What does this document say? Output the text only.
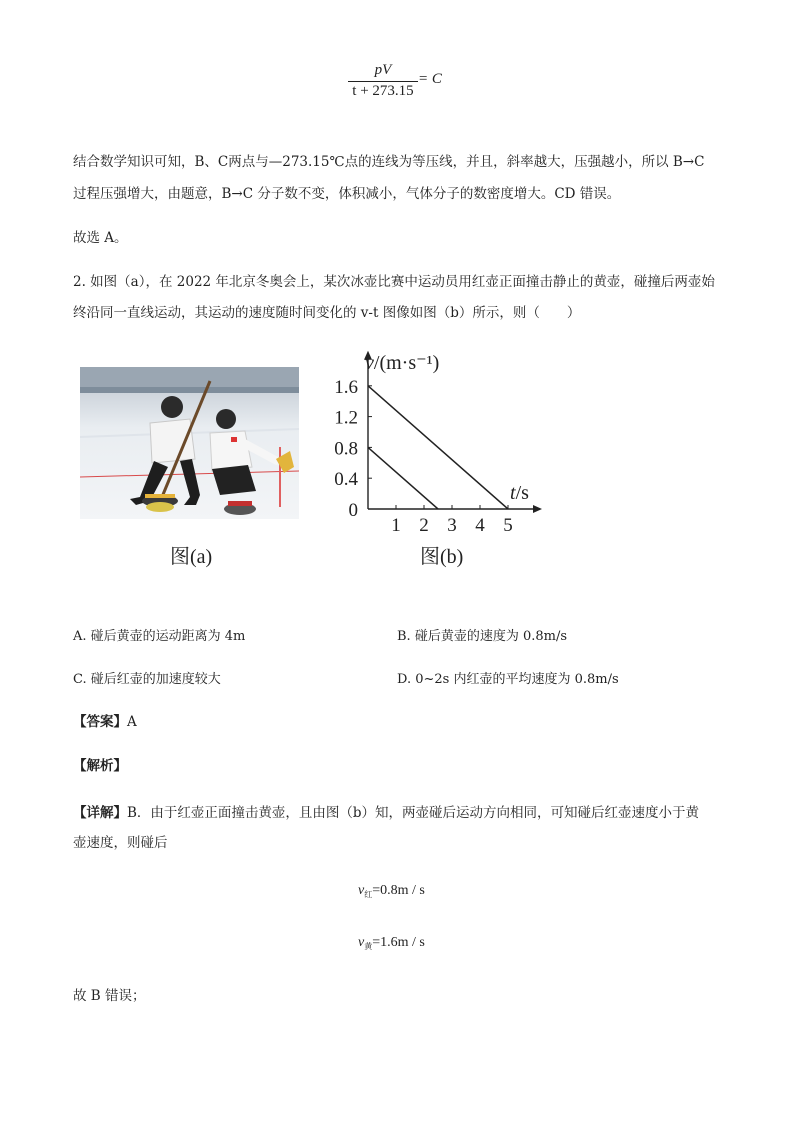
pV
t + 273.15
= C
结合数学知识可知，B、C两点与—273.15℃点的连线为等压线，并且，斜率越大，压强越小，所以 B→C
过程压强增大，由题意，B→C 分子数不变，体积减小，气体分子的数密度增大。CD 错误。
故选 A。
2. 如图（a），在 2022 年北京冬奥会上，某次冰壶比赛中运动员用红壶正面撞击静止的黄壶，碰撞后两壶始
终沿同一直线运动，其运动的速度随时间变化的 v-t 图像如图（b）所示，则（　　）
0
0.4
0.8
1.2
1.6
1 2 3 4 5
v/(m·s⁻¹)
t/s
图(a)	图(b)
A. 碰后黄壶的运动距离为 4m	B. 碰后黄壶的速度为 0.8m/s
C. 碰后红壶的加速度较大	D. 0~2s 内红壶的平均速度为 0.8m/s
【答案】A
【解析】
【详解】B．由于红壶正面撞击黄壶，且由图（b）知，两壶碰后运动方向相同，可知碰后红壶速度小于黄
壶速度，则碰后
$v_红=0.8m / s$
$v_黄=1.6m / s$
故 B 错误；
